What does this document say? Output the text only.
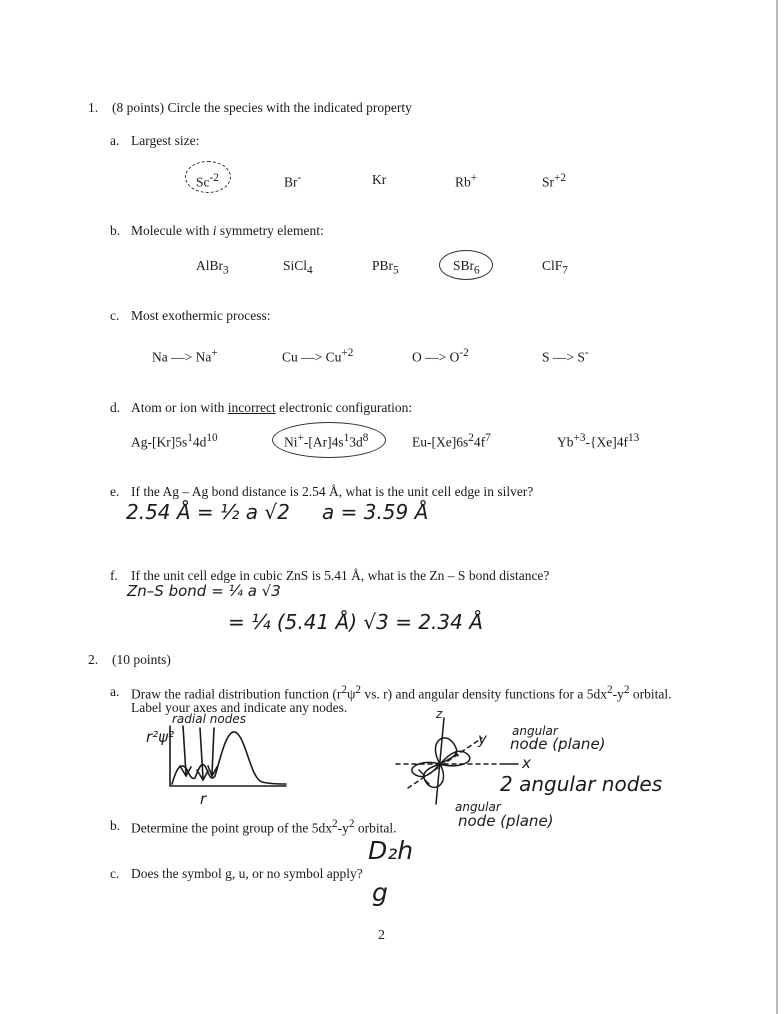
1. (8 points) Circle the species with the indicated property
a. Largest size:
$Sc^{-2}$	Br-	Kr	Rb+	$Sr^{+2}$
b. Molecule with i symmetry element:
AlBr$_3$	SiCl$_4$	PBr$_5$	SBr$_6$	ClF$_7$
c. Most exothermic process:
Na —> Na+	Cu —> $Cu^{+2}$	O —> $O^{-2}$	S —> S-
d. Atom or ion with incorrect electronic configuration:
$Ag-[Kr]5s^14d^{10}$	$Ni^+-[Ar]4s^13d^8$	$Eu-[Xe]6s^24f^7$	$Yb^{+3}-\{Xe]4f^{13}$
e. If the Ag – Ag bond distance is 2.54 Å, what is the unit cell edge in silver?
2.54 Å = ½ a √2 a = 3.59 Å
f. If the unit cell edge in cubic ZnS is 5.41 Å, what is the Zn – S bond distance?
Zn–S bond = ¼ a √3
= ¼ (5.41 Å) √3 = 2.34 Å
2. (10 points)
a. Draw the radial distribution function ($r^2\psi^2$ vs. r) and angular density functions for a $5dx^2-y^2$ orbital.
Label your axes and indicate any nodes.
radial nodes
r²ψ²
r
z
y
x
angular
node (plane)
2 angular nodes
angular
node (plane)
b. Determine the point group of the $5dx^2-y^2$ orbital.
D₂h
c. Does the symbol g, u, or no symbol apply?
g
2
